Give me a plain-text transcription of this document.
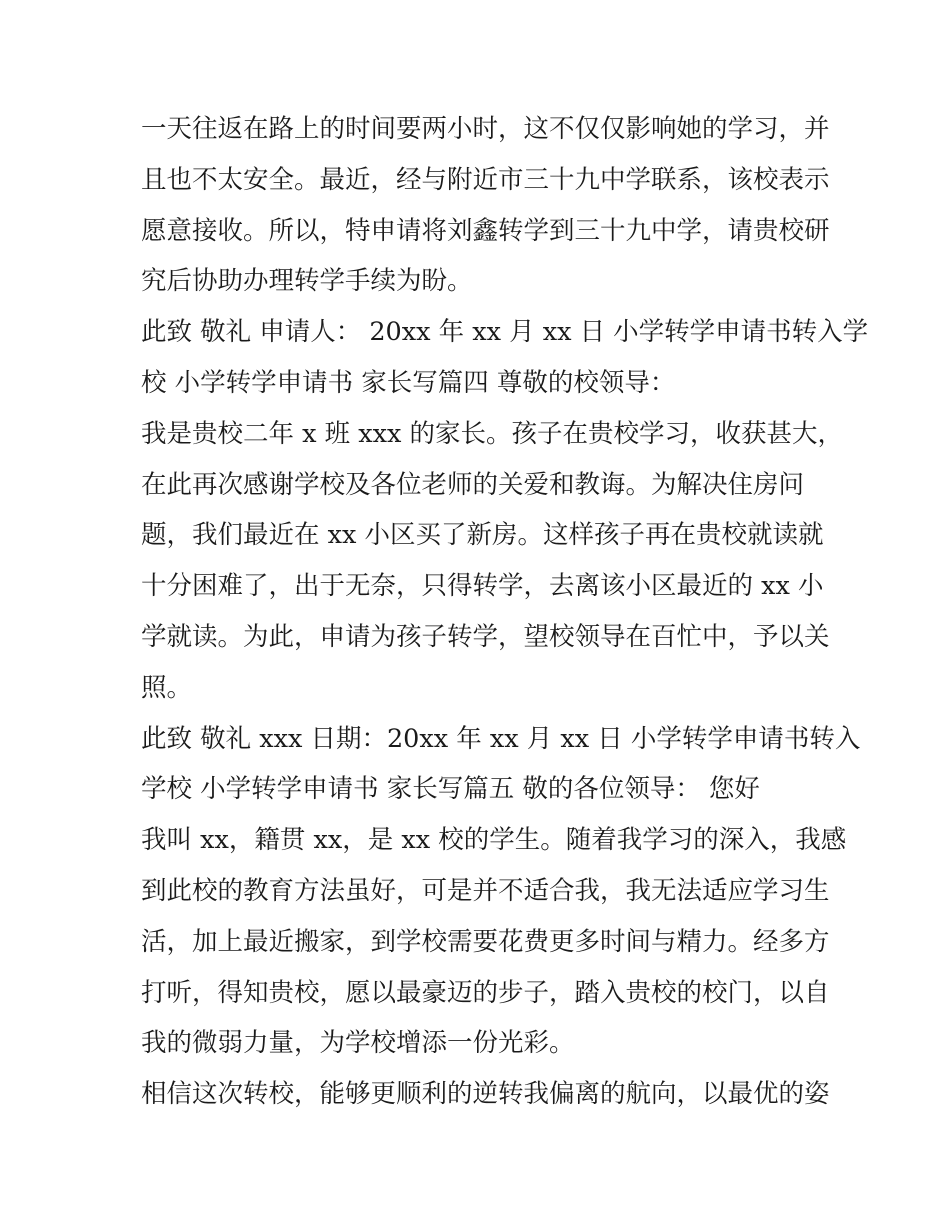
一天往返在路上的时间要两小时，这不仅仅影响她的学习，并
且也不太安全。最近，经与附近市三十九中学联系，该校表示
愿意接收。所以，特申请将刘鑫转学到三十九中学，请贵校研
究后协助办理转学手续为盼。
此致 敬礼 申请人： 20xx 年 xx 月 xx 日 小学转学申请书转入学
校 小学转学申请书 家长写篇四 尊敬的校领导：
我是贵校二年 x 班 xxx 的家长。孩子在贵校学习，收获甚大，
在此再次感谢学校及各位老师的关爱和教诲。为解决住房问
题，我们最近在 xx 小区买了新房。这样孩子再在贵校就读就
十分困难了，出于无奈，只得转学，去离该小区最近的 xx 小
学就读。为此，申请为孩子转学，望校领导在百忙中，予以关
照。
此致 敬礼 xxx 日期：20xx 年 xx 月 xx 日 小学转学申请书转入
学校 小学转学申请书 家长写篇五 敬的各位领导： 您好
我叫 xx，籍贯 xx，是 xx 校的学生。随着我学习的深入，我感
到此校的教育方法虽好，可是并不适合我，我无法适应学习生
活，加上最近搬家，到学校需要花费更多时间与精力。经多方
打听，得知贵校，愿以最豪迈的步子，踏入贵校的校门，以自
我的微弱力量，为学校增添一份光彩。
相信这次转校，能够更顺利的逆转我偏离的航向，以最优的姿
